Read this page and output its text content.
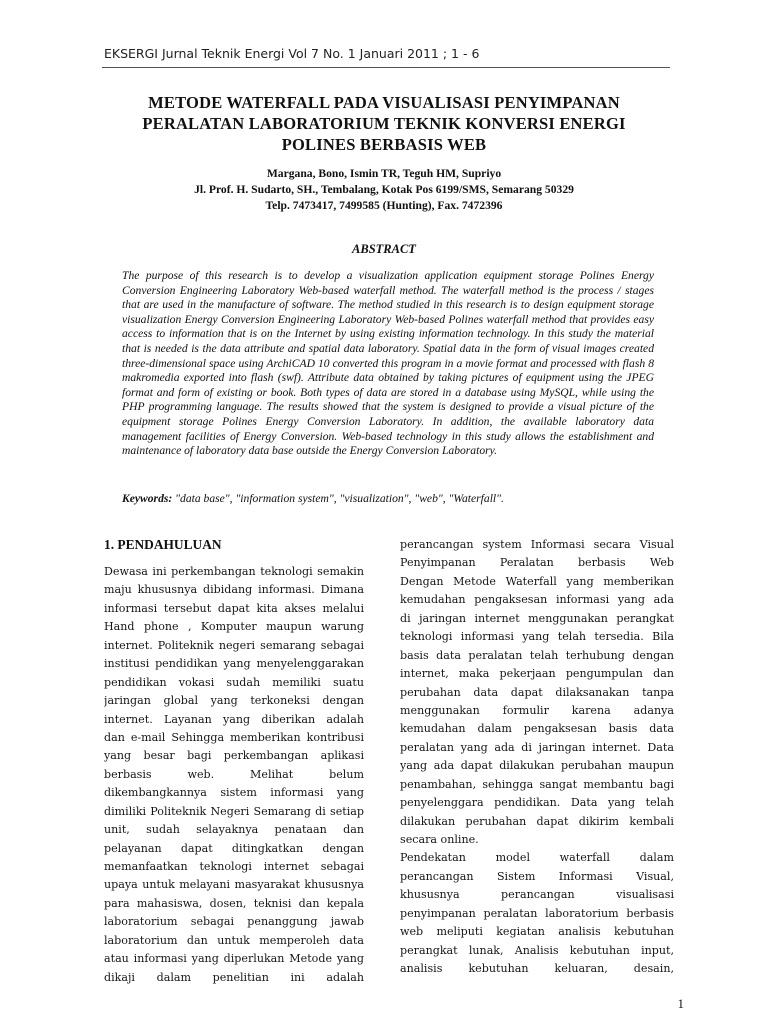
EKSERGI Jurnal Teknik Energi Vol 7 No. 1 Januari 2011 ; 1 - 6
METODE WATERFALL PADA VISUALISASI PENYIMPANAN
PERALATAN LABORATORIUM TEKNIK KONVERSI ENERGI
POLINES BERBASIS WEB
Margana, Bono, Ismin TR, Teguh HM, Supriyo
Jl. Prof. H. Sudarto, SH., Tembalang, Kotak Pos 6199/SMS, Semarang 50329
Telp. 7473417, 7499585 (Hunting), Fax. 7472396
ABSTRACT
The purpose of this research is to develop a visualization application equipment storage Polines Energy Conversion Engineering Laboratory Web-based waterfall method. The waterfall method is the process / stages that are used in the manufacture of software. The method studied in this research is to design equipment storage visualization Energy Conversion Engineering Laboratory Web-based Polines waterfall method that provides easy access to information that is on the Internet by using existing information technology. In this study the material that is needed is the data attribute and spatial data laboratory. Spatial data in the form of visual images created three-dimensional space using ArchiCAD 10 converted this program in a movie format and processed with flash 8 makromedia exported into flash (swf). Attribute data obtained by taking pictures of equipment using the JPEG format and form of existing or book. Both types of data are stored in a database using MySQL, while using the PHP programming language. The results showed that the system is designed to provide a visual picture of the equipment storage Polines Energy Conversion Laboratory. In addition, the available laboratory data management facilities of Energy Conversion. Web-based technology in this study allows the establishment and maintenance of laboratory data base outside the Energy Conversion Laboratory.
Keywords: "data base", "information system", "visualization", "web", "Waterfall".
1. PENDAHULUAN
Dewasa ini perkembangan teknologi semakin
maju khususnya dibidang informasi. Dimana
informasi tersebut dapat kita akses melalui
Hand phone , Komputer maupun warung
internet. Politeknik negeri semarang sebagai
institusi pendidikan yang menyelenggarakan
pendidikan vokasi sudah memiliki suatu
jaringan global yang terkoneksi dengan
internet. Layanan yang diberikan adalah
dan e-mail Sehingga memberikan kontribusi
yang besar bagi perkembangan aplikasi
berbasis web. Melihat belum
dikembangkannya sistem informasi yang
dimiliki Politeknik Negeri Semarang di setiap
unit, sudah selayaknya penataan dan
pelayanan dapat ditingkatkan dengan
memanfaatkan teknologi internet sebagai
upaya untuk melayani masyarakat khususnya
para mahasiswa, dosen, teknisi dan kepala
laboratorium sebagai penanggung jawab
laboratorium dan untuk memperoleh data
atau informasi yang diperlukan Metode yang
dikaji dalam penelitian ini adalah
perancangan system Informasi secara Visual
Penyimpanan Peralatan berbasis Web
Dengan Metode Waterfall yang memberikan
kemudahan pengaksesan informasi yang ada
di jaringan internet menggunakan perangkat
teknologi informasi yang telah tersedia. Bila
basis data peralatan telah terhubung dengan
internet, maka pekerjaan pengumpulan dan
perubahan data dapat dilaksanakan tanpa
menggunakan formulir karena adanya
kemudahan dalam pengaksesan basis data
peralatan yang ada di jaringan internet. Data
yang ada dapat dilakukan perubahan maupun
penambahan, sehingga sangat membantu bagi
penyelenggara pendidikan. Data yang telah
dilakukan perubahan dapat dikirim kembali
secara online.
Pendekatan model waterfall dalam
perancangan Sistem Informasi Visual,
khususnya perancangan visualisasi
penyimpanan peralatan laboratorium berbasis
web meliputi kegiatan analisis kebutuhan
perangkat lunak, Analisis kebutuhan input,
analisis kebutuhan keluaran, desain,
1
